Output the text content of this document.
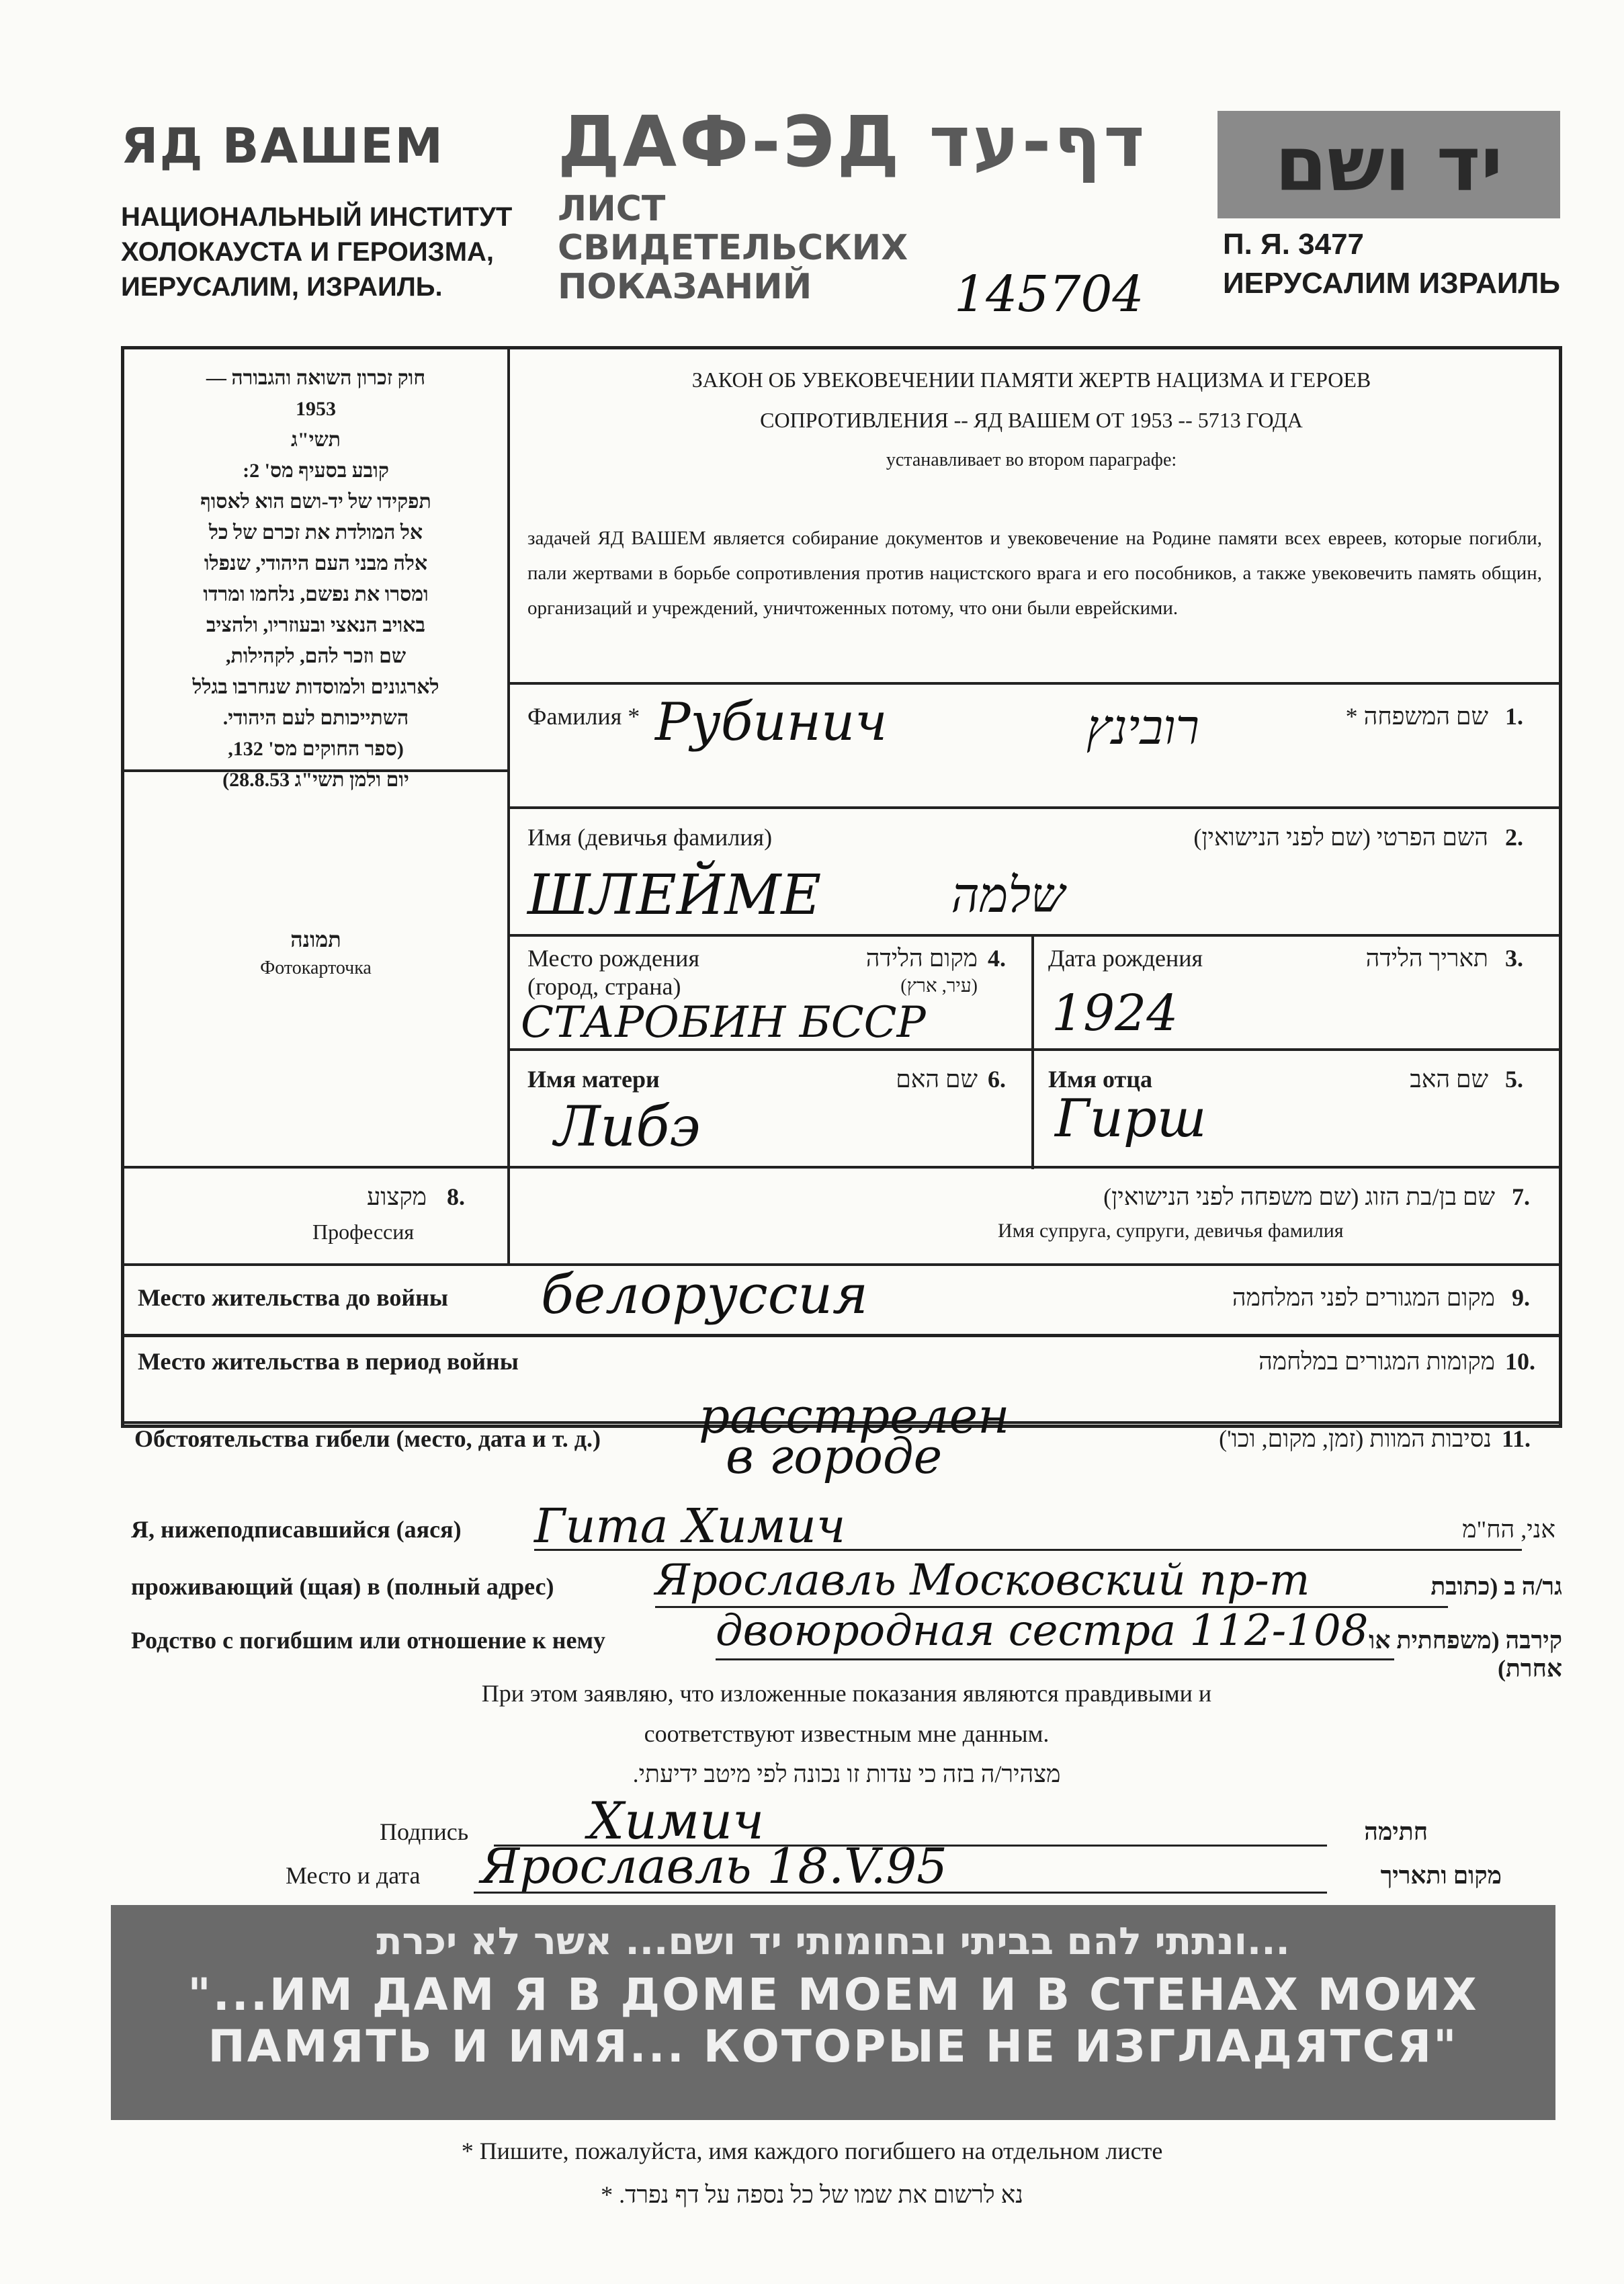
ЯД ВАШЕМ
НАЦИОНАЛЬНЫЙ ИНСТИТУТ
ХОЛОКАУСТА И ГЕРОИЗМА,
ИЕРУСАЛИМ, ИЗРАИЛЬ.
ДАФ-ЭД דף-עד
ЛИСТ
СВИДЕТЕЛЬСКИХ
ПОКАЗАНИЙ
יד ושם
П. Я. 3477
ИЕРУСАЛИМ ИЗРАИЛЬ
145704
חוק זכרון השואה והגבורה —
1953
תשי"ג
קובע בסעיף מס' 2:
תפקידו של יד-ושם הוא לאסוף
אל המולדת את זכרם של כל
אלה מבני העם היהודי, שנפלו
ומסרו את נפשם, נלחמו ומרדו
באויב הנאצי ובעוזריו, ולהציב
שם וזכר להם, לקהילות,
לארגונים ולמוסדות שנחרבו בגלל
השתייכותם לעם היהודי.
(ספר החוקים מס' 132,
יום ולמן תשי"ג 28.8.53)
ЗАКОН ОБ УВЕКОВЕЧЕНИИ ПАМЯТИ ЖЕРТВ НАЦИЗМА И ГЕРОЕВ
СОПРОТИВЛЕНИЯ -- ЯД ВАШЕМ ОТ 1953 -- 5713 ГОДА
устанавливает во втором параграфе:
задачей ЯД ВАШЕМ является собирание документов и увековечение на Родине памяти всех евреев, которые погибли, пали жертвами в борьбе сопротивления против нацистского врага и его пособников, а также увековечить память общин, организаций и учреждений, уничтоженных потому, что они были еврейскими.
תמונה
Фотокарточка
Фамилия *	שם המשפחה * 1.
Рубинич	רובינץ
Имя (девичья фамилия)	השם הפרטי (שם לפני הנישואין) 2.
ШЛЕЙМЕ	שלמה
Место рождения
(город, страна)
מקום הלידה
(עיר, ארץ)
4.
СТАРОБИН БССР
Дата рождения	תאריך הלידה 3.
1924
Имя матери	שם האם 6.
Либэ
Имя отца	שם האב 5.
Гирш
מקצוע 8.
Профессия
שם בן/בת הזוג (שם משפחה לפני הנישואין) 7.
Имя супруга, супруги, девичья фамилия
Место жительства до войны белоруссия	מקום המגורים לפני המלחמה 9.
Место жительства в период войны	מקומות המגורים במלחמה 10.
Обстоятельства гибели (место, дата и т. д.) расстрелен
в городе	נסיבות המוות (זמן, מקום, וכו') 11.
Я, нижеподписавшийся (аяся) Гита Химич	אני, הח"מ
проживающий (щая) в (полный адрес) Ярославль Московский пр-т	גר/ה ב (כתובת
Родство с погибшим или отношение к нему	двоюродная сестра 112-108 קירבה (משפחתית או אחרת)
При этом заявляю, что изложенные показания являются правдивыми и
соответствуют известным мне данным.
מצהיר/ה בזה כי עדות זו נכונה לפי מיטב ידיעתי.
Подпись Химич	חתימה
Место и дата Ярославль 18.V.95	מקום ותאריך
...ונתתי להם בביתי ובחומותי יד ושם... אשר לא יכרת
"...ИМ ДАМ Я В ДОМЕ МОЕМ И В СТЕНАХ МОИХ
ПАМЯТЬ И ИМЯ... КОТОРЫЕ НЕ ИЗГЛАДЯТСЯ"
* Пишите, пожалуйста, имя каждого погибшего на отдельном листе
נא לרשום את שמו של כל נספה על דף נפרד. *
